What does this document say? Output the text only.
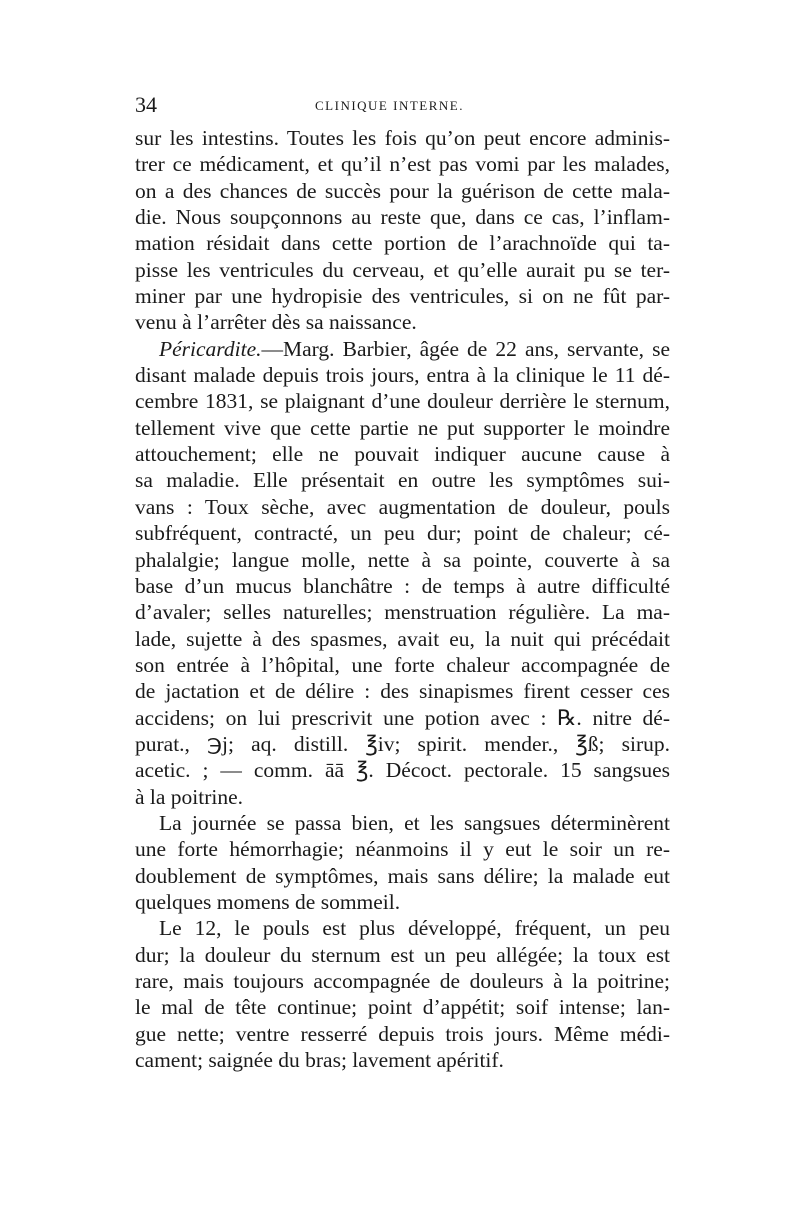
34	CLINIQUE INTERNE.
sur les intestins. Toutes les fois qu’on peut encore adminis-
trer ce médicament, et qu’il n’est pas vomi par les malades,
on a des chances de succès pour la guérison de cette mala-
die. Nous soupçonnons au reste que, dans ce cas, l’inflam-
mation résidait dans cette portion de l’arachnoïde qui ta-
pisse les ventricules du cerveau, et qu’elle aurait pu se ter-
miner par une hydropisie des ventricules, si on ne fût par-
venu à l’arrêter dès sa naissance.
Péricardite.—Marg. Barbier, âgée de 22 ans, servante, se
disant malade depuis trois jours, entra à la clinique le 11 dé-
cembre 1831, se plaignant d’une douleur derrière le sternum,
tellement vive que cette partie ne put supporter le moindre
attouchement; elle ne pouvait indiquer aucune cause à
sa maladie. Elle présentait en outre les symptômes sui-
vans : Toux sèche, avec augmentation de douleur, pouls
subfréquent, contracté, un peu dur; point de chaleur; cé-
phalalgie; langue molle, nette à sa pointe, couverte à sa
base d’un mucus blanchâtre : de temps à autre difficulté
d’avaler; selles naturelles; menstruation régulière. La ma-
lade, sujette à des spasmes, avait eu, la nuit qui précédait
son entrée à l’hôpital, une forte chaleur accompagnée de
de jactation et de délire : des sinapismes firent cesser ces
accidens; on lui prescrivit une potion avec : ℞. nitre dé-
purat., ℈j; aq. distill. ℥iv; spirit. mender., ℥ß; sirup.
acetic. ; — comm. āā ℥. Décoct. pectorale. 15 sangsues
à la poitrine.
La journée se passa bien, et les sangsues déterminèrent
une forte hémorrhagie; néanmoins il y eut le soir un re-
doublement de symptômes, mais sans délire; la malade eut
quelques momens de sommeil.
Le 12, le pouls est plus développé, fréquent, un peu
dur; la douleur du sternum est un peu allégée; la toux est
rare, mais toujours accompagnée de douleurs à la poitrine;
le mal de tête continue; point d’appétit; soif intense; lan-
gue nette; ventre resserré depuis trois jours. Même médi-
cament; saignée du bras; lavement apéritif.
